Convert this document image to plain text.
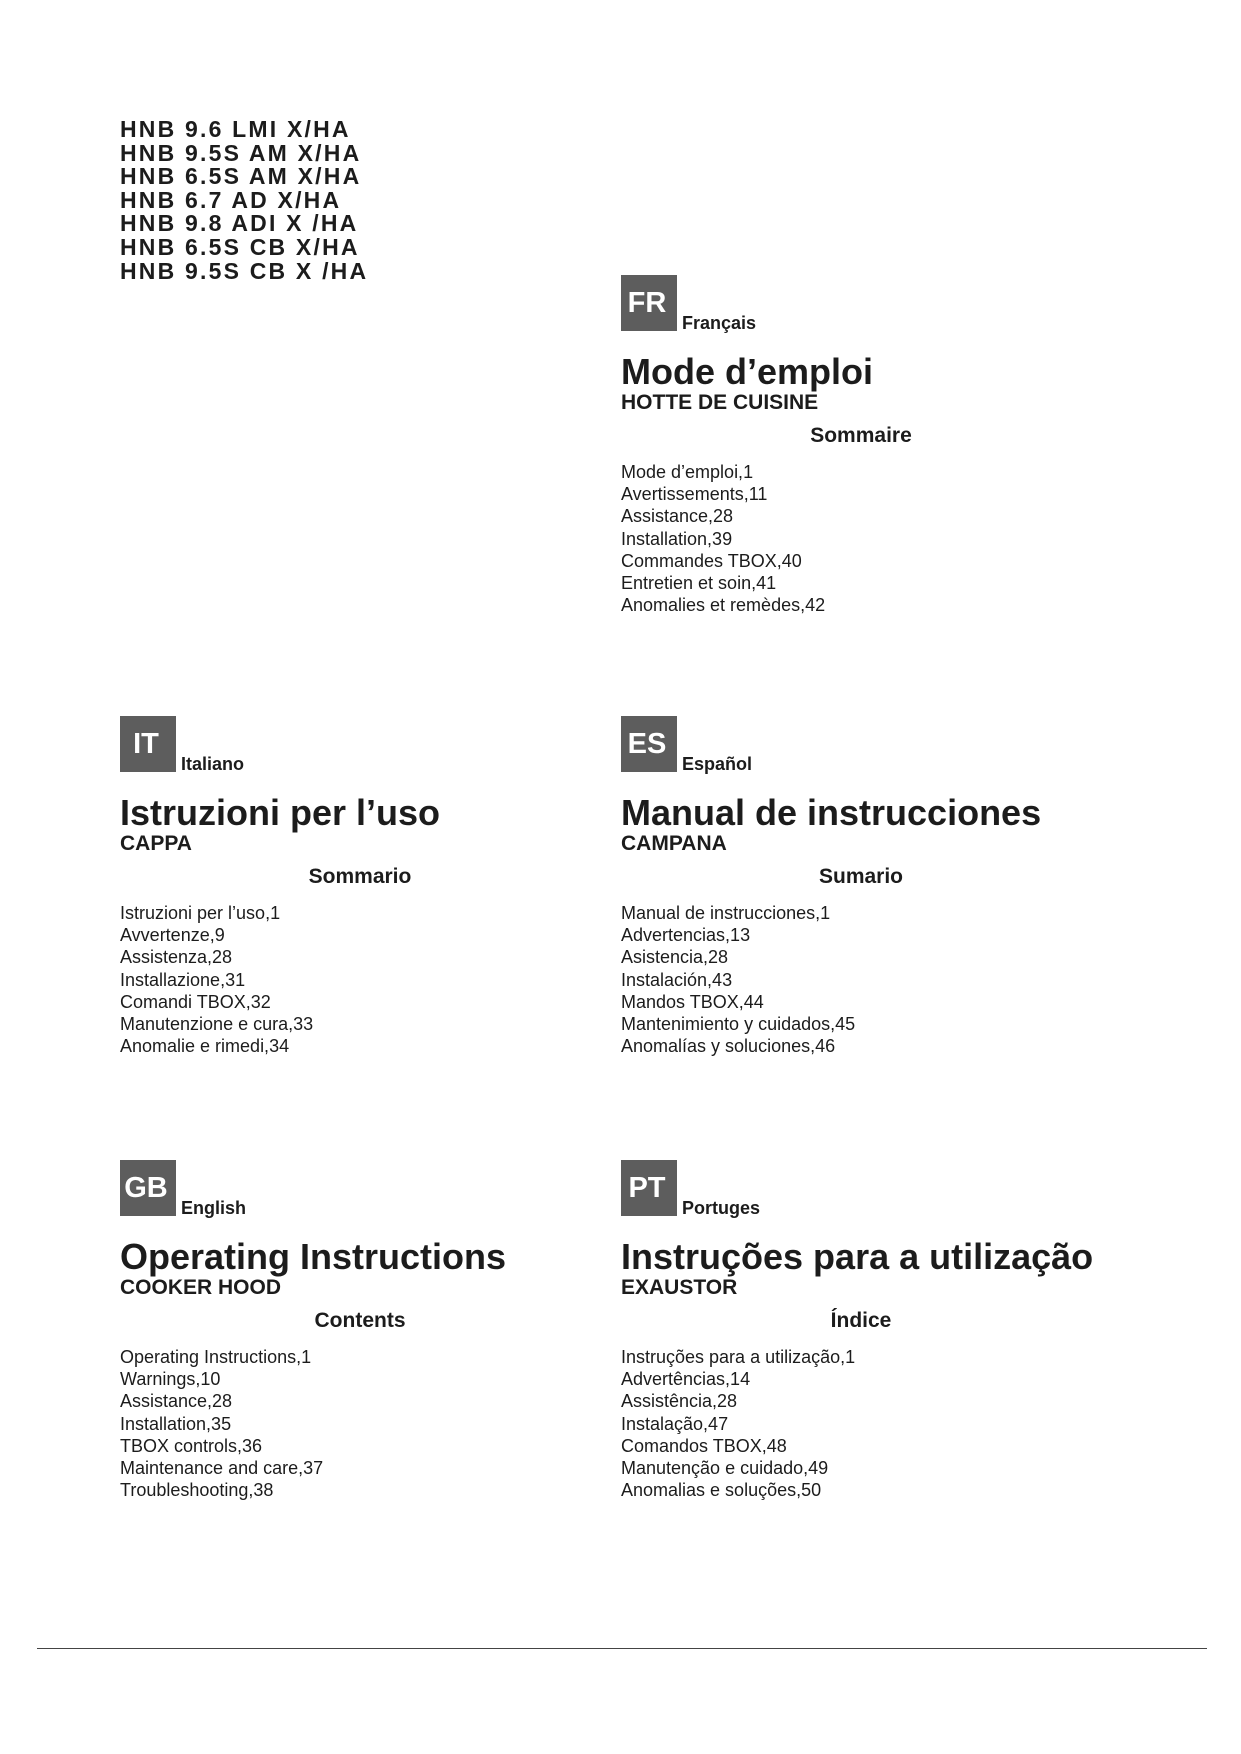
HNB 9.6 LMI X/HA
HNB 9.5S AM X/HA
HNB 6.5S AM X/HA
HNB 6.7 AD X/HA
HNB 9.8 ADI X /HA
HNB 6.5S CB X/HA
HNB 9.5S CB X /HA
FR
Français
Mode d’emploi
HOTTE DE CUISINE
Sommaire
Mode d’emploi,1
Avertissements,11
Assistance,28
Installation,39
Commandes TBOX,40
Entretien et soin,41
Anomalies et remèdes,42
IT
Italiano
Istruzioni per l’uso
CAPPA
Sommario
Istruzioni per l’uso,1
Avvertenze,9
Assistenza,28
Installazione,31
Comandi TBOX,32
Manutenzione e cura,33
Anomalie e rimedi,34
ES
Español
Manual de instrucciones
CAMPANA
Sumario
Manual de instrucciones,1
Advertencias,13
Asistencia,28
Instalación,43
Mandos TBOX,44
Mantenimiento y cuidados,45
Anomalías y soluciones,46
GB
English
Operating Instructions
COOKER HOOD
Contents
Operating Instructions,1
Warnings,10
Assistance,28
Installation,35
TBOX controls,36
Maintenance and care,37
Troubleshooting,38
PT
Portuges
Instruções para a utilização
EXAUSTOR
Índice
Instruções para a utilização,1
Advertências,14
Assistência,28
Instalação,47
Comandos TBOX,48
Manutenção e cuidado,49
Anomalias e soluções,50
